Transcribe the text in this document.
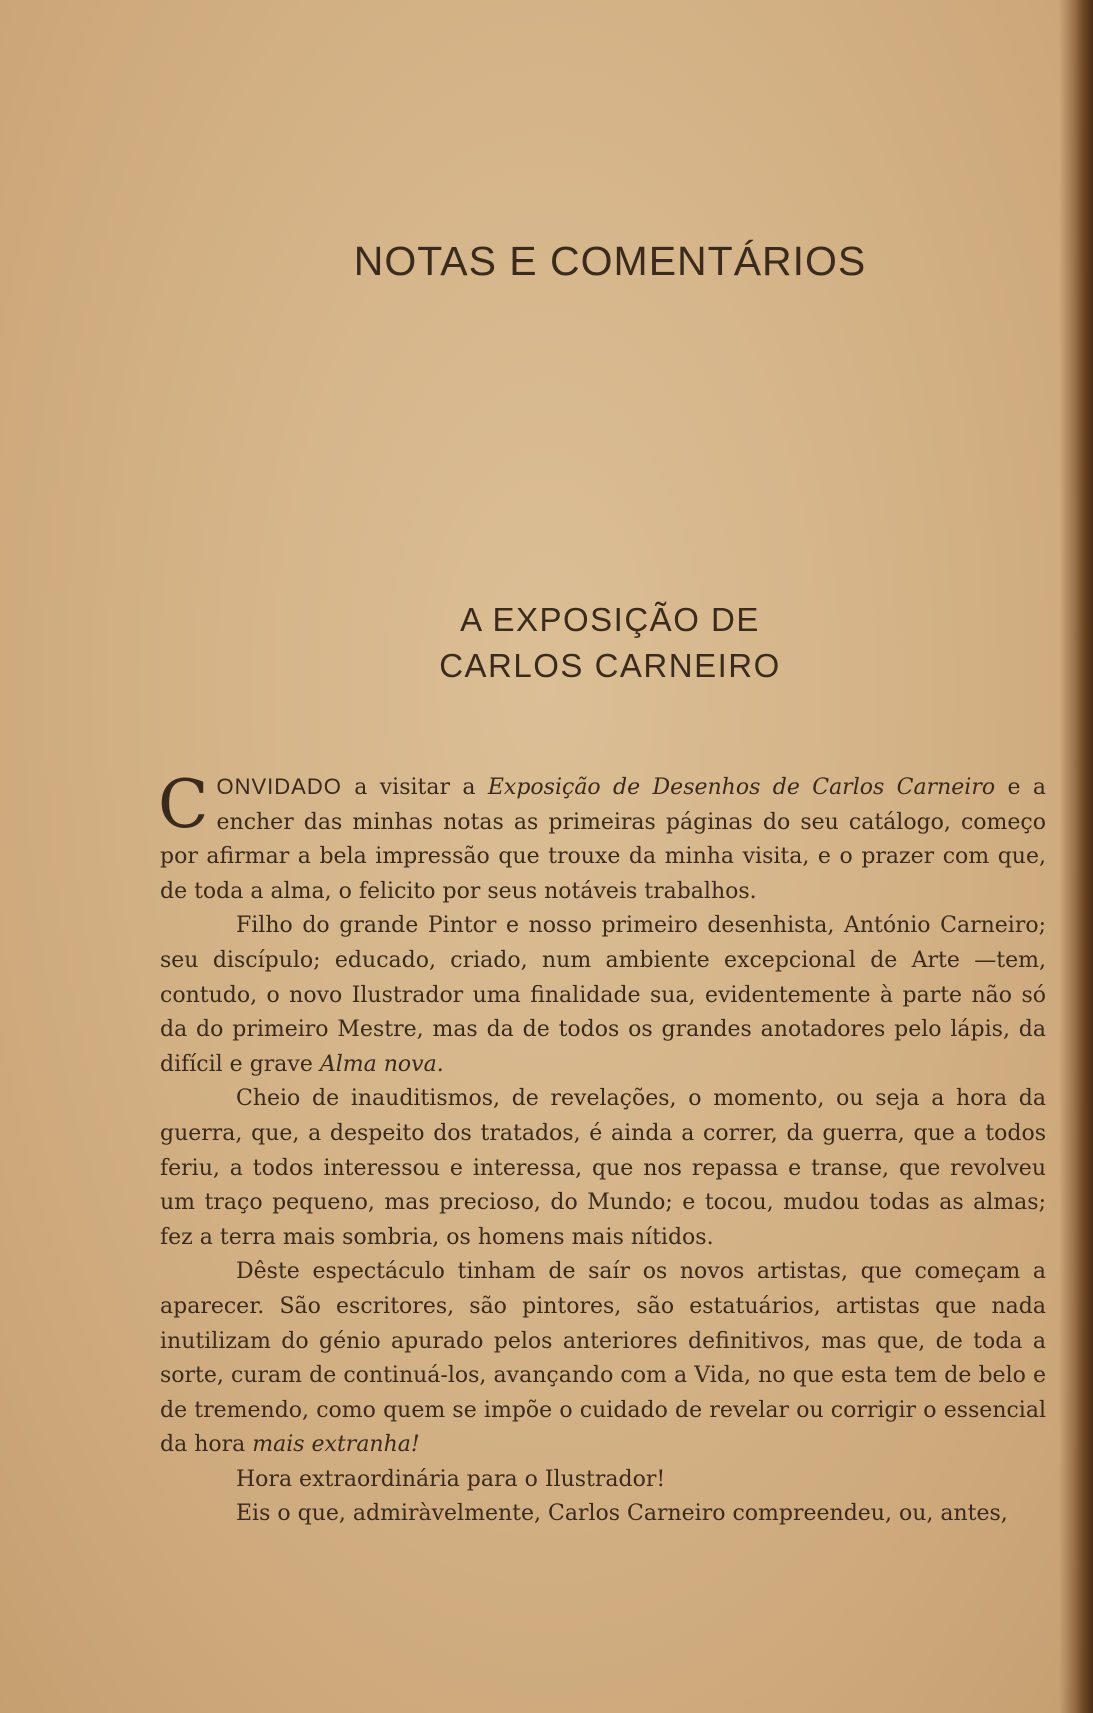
NOTAS E COMENTÁRIOS
A EXPOSIÇÃO DE
CARLOS CARNEIRO

CONVIDADO a visitar a Exposição de Desenhos de Carlos Carneiro e a encher das minhas notas as primeiras páginas do seu catálogo, começo por afirmar a bela impressão que trouxe da minha visita, e o prazer com que, de toda a alma, o felicito por seus notáveis trabalhos.

Filho do grande Pintor e nosso primeiro desenhista, António Carneiro; seu discípulo; educado, criado, num ambiente excepcional de Arte —tem, contudo, o novo Ilustrador uma finalidade sua, evidentemente à parte não só da do primeiro Mestre, mas da de todos os grandes anotadores pelo lápis, da difícil e grave Alma nova.

Cheio de inauditismos, de revelações, o momento, ou seja a hora da guerra, que, a despeito dos tratados, é ainda a correr, da guerra, que a todos feriu, a todos interessou e interessa, que nos repassa e transe, que revolveu um traço pequeno, mas precioso, do Mundo; e tocou, mudou todas as almas; fez a terra mais sombria, os homens mais nítidos.

Dêste espectáculo tinham de saír os novos artistas, que começam a aparecer. São escritores, são pintores, são estatuários, artistas que nada inutilizam do génio apurado pelos anteriores definitivos, mas que, de toda a sorte, curam de continuá-los, avançando com a Vida, no que esta tem de belo e de tremendo, como quem se impõe o cuidado de revelar ou corrigir o essencial da hora mais extranha!

Hora extraordinária para o Ilustrador!

Eis o que, admiràvelmente, Carlos Carneiro compreendeu, ou, antes,
